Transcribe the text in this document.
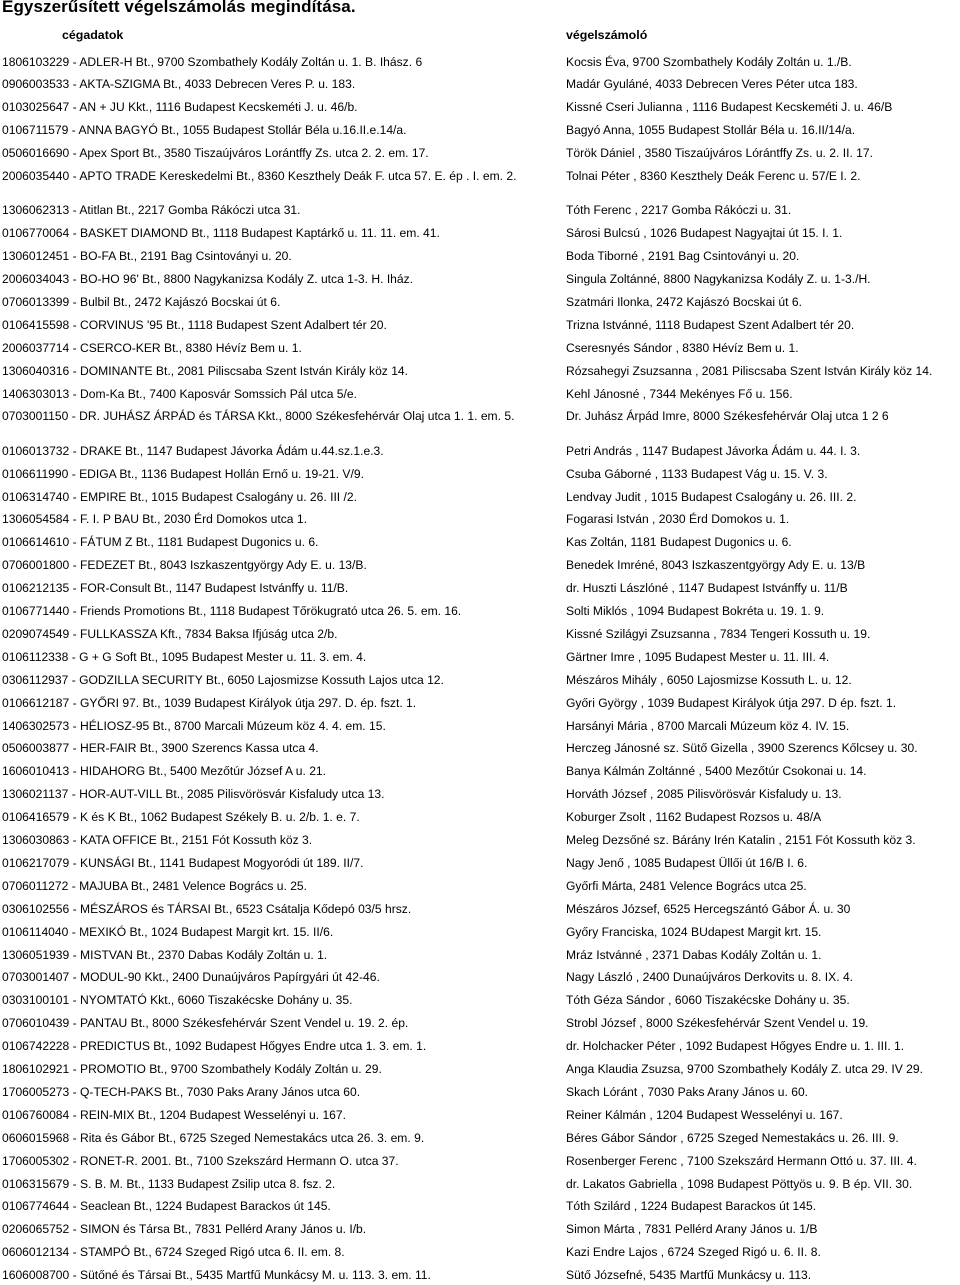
Egyszerűsített végelszámolás megindítása.
cégadatok	végelszámoló
1806103229 - ADLER-H Bt., 9700 Szombathely Kodály Zoltán u. 1. B. Ihász. 6	Kocsis Éva, 9700 Szombathely Kodály Zoltán u. 1./B.
0906003533 - AKTA-SZIGMA Bt., 4033 Debrecen Veres P. u. 183.	Madár Gyuláné, 4033 Debrecen Veres Péter utca 183.
0103025647 - AN + JU Kkt., 1116 Budapest Kecskeméti J. u. 46/b.	Kissné Cseri Julianna , 1116 Budapest Kecskeméti J. u. 46/B
0106711579 - ANNA BAGYÓ Bt., 1055 Budapest Stollár Béla u.16.II.e.14/a.	Bagyó Anna, 1055 Budapest Stollár Béla u. 16.II/14/a.
0506016690 - Apex Sport Bt., 3580 Tiszaújváros Lorántffy Zs. utca 2. 2. em. 17.	Török Dániel , 3580 Tiszaújváros Lórántffy Zs. u. 2. II. 17.
2006035440 - APTO TRADE Kereskedelmi Bt., 8360 Keszthely Deák F. utca 57. E. ép . I. em. 2.	Tolnai Péter , 8360 Keszthely Deák Ferenc u. 57/E I. 2.
1306062313 - Atitlan Bt., 2217 Gomba Rákóczi utca 31.	Tóth Ferenc , 2217 Gomba Rákóczi u. 31.
0106770064 - BASKET DIAMOND Bt., 1118 Budapest Kaptárkő u. 11. 11. em. 41.	Sárosi Bulcsú , 1026 Budapest Nagyajtai út 15. I. 1.
1306012451 - BO-FA Bt., 2191 Bag Csintoványi u. 20.	Boda Tiborné , 2191 Bag Csintoványi u. 20.
2006034043 - BO-HO 96' Bt., 8800 Nagykanizsa Kodály Z. utca 1-3. H. Iház.	Singula Zoltánné, 8800 Nagykanizsa Kodály Z. u. 1-3./H.
0706013399 - Bulbil Bt., 2472 Kajászó Bocskai út 6.	Szatmári Ilonka, 2472 Kajászó Bocskai út 6.
0106415598 - CORVINUS '95 Bt., 1118 Budapest Szent Adalbert tér 20.	Trizna Istvánné, 1118 Budapest Szent Adalbert tér 20.
2006037714 - CSERCO-KER Bt., 8380 Hévíz Bem u. 1.	Cseresnyés Sándor , 8380 Hévíz Bem u. 1.
1306040316 - DOMINANTE Bt., 2081 Piliscsaba Szent István Király köz 14.	Rózsahegyi Zsuzsanna , 2081 Piliscsaba Szent István Király köz 14.
1406303013 - Dom-Ka Bt., 7400 Kaposvár Somssich Pál utca 5/e.	Kehl Jánosné , 7344 Mekényes Fő u. 156.
0703001150 - DR. JUHÁSZ ÁRPÁD és TÁRSA Kkt., 8000 Székesfehérvár Olaj utca 1. 1. em. 5.	Dr. Juhász Árpád Imre, 8000 Székesfehérvár Olaj utca 1 2 6
0106013732 - DRAKE Bt., 1147 Budapest Jávorka Ádám u.44.sz.1.e.3.	Petri András , 1147 Budapest Jávorka Ádám u. 44. I. 3.
0106611990 - EDIGA Bt., 1136 Budapest Hollán Ernő u. 19-21. V/9.	Csuba Gáborné , 1133 Budapest Vág u. 15. V. 3.
0106314740 - EMPIRE Bt., 1015 Budapest Csalogány u. 26. III /2.	Lendvay Judit , 1015 Budapest Csalogány u. 26. III. 2.
1306054584 - F. I. P BAU Bt., 2030 Érd Domokos utca 1.	Fogarasi István , 2030 Érd Domokos u. 1.
0106614610 - FÁTUM Z Bt., 1181 Budapest Dugonics u. 6.	Kas Zoltán, 1181 Budapest Dugonics u. 6.
0706001800 - FEDEZET Bt., 8043 Iszkaszentgyörgy Ady E. u. 13/B.	Benedek Imréné, 8043 Iszkaszentgyörgy Ady E. u. 13/B
0106212135 - FOR-Consult Bt., 1147 Budapest Istvánffy u. 11/B.	dr. Huszti Lászlóné , 1147 Budapest Istvánffy u. 11/B
0106771440 - Friends Promotions Bt., 1118 Budapest Tőrökugrató utca 26. 5. em. 16.	Solti Miklós , 1094 Budapest Bokréta u. 19. 1. 9.
0209074549 - FULLKASSZA Kft., 7834 Baksa Ifjúság utca 2/b.	Kissné Szilágyi Zsuzsanna , 7834 Tengeri Kossuth u. 19.
0106112338 - G + G Soft Bt., 1095 Budapest Mester u. 11. 3. em. 4.	Gärtner Imre , 1095 Budapest Mester u. 11. III. 4.
0306112937 - GODZILLA SECURITY Bt., 6050 Lajosmizse Kossuth Lajos utca 12.	Mészáros Mihály , 6050 Lajosmizse Kossuth L. u. 12.
0106612187 - GYŐRI 97. Bt., 1039 Budapest Királyok útja 297. D. ép. fszt. 1.	Győri György , 1039 Budapest Királyok útja 297. D ép. fszt. 1.
1406302573 - HÉLIOSZ-95 Bt., 8700 Marcali Múzeum köz 4. 4. em. 15.	Harsányi Mária , 8700 Marcali Múzeum köz 4. IV. 15.
0506003877 - HER-FAIR Bt., 3900 Szerencs Kassa utca 4.	Herczeg Jánosné sz. Sütő Gizella , 3900 Szerencs Kőlcsey u. 30.
1606010413 - HIDAHORG Bt., 5400 Mezőtúr József A u. 21.	Banya Kálmán Zoltánné , 5400 Mezőtúr Csokonai u. 14.
1306021137 - HOR-AUT-VILL Bt., 2085 Pilisvörösvár Kisfaludy utca 13.	Horváth József , 2085 Pilisvörösvár Kisfaludy u. 13.
0106416579 - K és K Bt., 1062 Budapest Székely B. u. 2/b. 1. e. 7.	Koburger Zsolt , 1162 Budapest Rozsos u. 48/A
1306030863 - KATA OFFICE Bt., 2151 Fót Kossuth köz 3.	Meleg Dezsőné sz. Bárány Irén Katalin , 2151 Fót Kossuth köz 3.
0106217079 - KUNSÁGI Bt., 1141 Budapest Mogyoródi út 189. II/7.	Nagy Jenő , 1085 Budapest Üllői út 16/B I. 6.
0706011272 - MAJUBA Bt., 2481 Velence Bogrács u. 25.	Győrfi Márta, 2481 Velence Bogrács utca 25.
0306102556 - MÉSZÁROS és TÁRSAI Bt., 6523 Csátalja Kődepó 03/5 hrsz.	Mészáros József, 6525 Hercegszántó Gábor Á. u. 30
0106114040 - MEXIKÓ Bt., 1024 Budapest Margit krt. 15. II/6.	Győry Franciska, 1024 BUdapest Margit krt. 15.
1306051939 - MISTVAN Bt., 2370 Dabas Kodály Zoltán u. 1.	Mráz Istvánné , 2371 Dabas Kodály Zoltán u. 1.
0703001407 - MODUL-90 Kkt., 2400 Dunaújváros Papírgyári út 42-46.	Nagy László , 2400 Dunaújváros Derkovits u. 8. IX. 4.
0303100101 - NYOMTATÓ Kkt., 6060 Tiszakécske Dohány u. 35.	Tóth Géza Sándor , 6060 Tiszakécske Dohány u. 35.
0706010439 - PANTAU Bt., 8000 Székesfehérvár Szent Vendel u. 19. 2. ép.	Strobl József , 8000 Székesfehérvár Szent Vendel u. 19.
0106742228 - PREDICTUS Bt., 1092 Budapest Hőgyes Endre utca 1. 3. em. 1.	dr. Holchacker Péter , 1092 Budapest Hőgyes Endre u. 1. III. 1.
1806102921 - PROMOTIO Bt., 9700 Szombathely Kodály Zoltán u. 29.	Anga Klaudia Zsuzsa, 9700 Szombathely Kodály Z. utca 29. IV 29.
1706005273 - Q-TECH-PAKS Bt., 7030 Paks Arany János utca 60.	Skach Lóránt , 7030 Paks Arany János u. 60.
0106760084 - REIN-MIX Bt., 1204 Budapest Wesselényi u. 167.	Reiner Kálmán , 1204 Budapest Wesselényi u. 167.
0606015968 - Rita és Gábor Bt., 6725 Szeged Nemestakács utca 26. 3. em. 9.	Béres Gábor Sándor , 6725 Szeged Nemestakács u. 26. III. 9.
1706005302 - RONET-R. 2001. Bt., 7100 Szekszárd Hermann O. utca 37.	Rosenberger Ferenc , 7100 Szekszárd Hermann Ottó u. 37. III. 4.
0106315679 - S. B. M. Bt., 1133 Budapest Zsilip utca 8. fsz. 2.	dr. Lakatos Gabriella , 1098 Budapest Pöttyös u. 9. B ép. VII. 30.
0106774644 - Seaclean Bt., 1224 Budapest Barackos út 145.	Tóth Szilárd , 1224 Budapest Barackos út 145.
0206065752 - SIMON és Társa Bt., 7831 Pellérd Arany János u. I/b.	Simon Márta , 7831 Pellérd Arany János u. 1/B
0606012134 - STAMPÓ Bt., 6724 Szeged Rigó utca 6. II. em. 8.	Kazi Endre Lajos , 6724 Szeged Rigó u. 6. II. 8.
1606008700 - Sütőné és Társai Bt., 5435 Martfű Munkácsy M. u. 113. 3. em. 11.	Sütő Józsefné, 5435 Martfű Munkácsy u. 113.
